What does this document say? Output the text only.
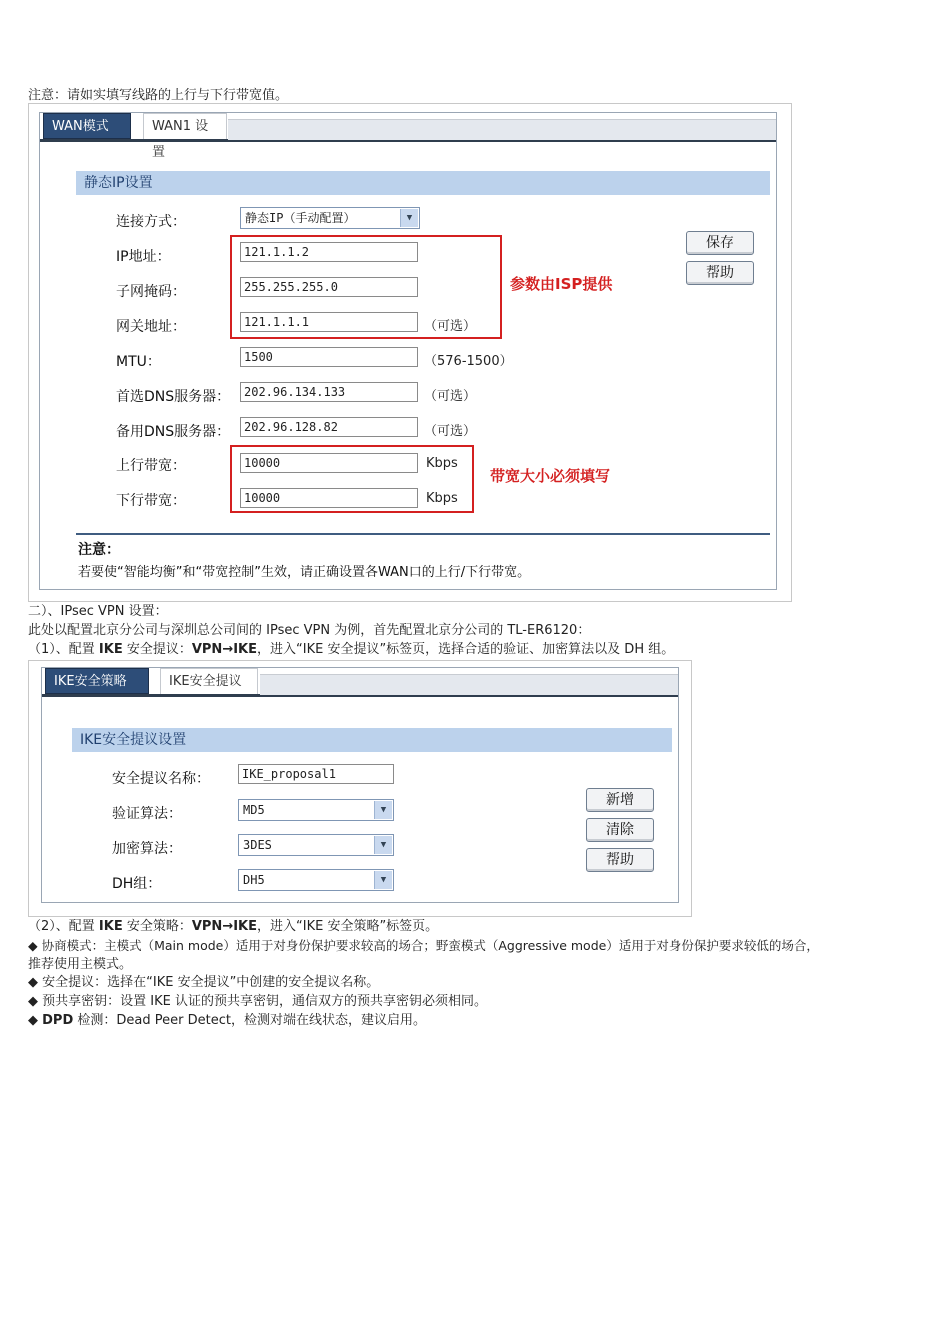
注意：请如实填写线路的上行与下行带宽值。
WAN模式	WAN1 设置
静态IP设置
连接方式：	静态IP（手动配置）	▼
参数由ISP提供
IP地址：	121.1.1.2
子网掩码：	255.255.255.0
网关地址：	121.1.1.1	（可选）
MTU：	1500	（576-1500）
首选DNS服务器：	202.96.134.133	（可选）
备用DNS服务器：	202.96.128.82	（可选）
带宽大小必须填写
上行带宽：	10000	Kbps
下行带宽：	10000	Kbps
保存
帮助
注意：
若要使“智能均衡”和“带宽控制”生效，请正确设置各WAN口的上行/下行带宽。
二）、IPsec VPN 设置：
此处以配置北京分公司与深圳总公司间的 IPsec VPN 为例，首先配置北京分公司的 TL-ER6120：
（1）、配置 IKE 安全提议：VPN→IKE，进入“IKE 安全提议”标签页，选择合适的验证、加密算法以及 DH 组。
IKE安全策略	IKE安全提议
IKE安全提议设置
安全提议名称：	IKE_proposal1
验证算法：	MD5	▼
加密算法：	3DES	▼
DH组：	DH5	▼
新增
清除
帮助
（2）、配置 IKE 安全策略：VPN→IKE，进入“IKE 安全策略”标签页。
◆ 协商模式：主模式（Main mode）适用于对身份保护要求较高的场合；野蛮模式（Aggressive mode）适用于对身份保护要求较低的场合，
推荐使用主模式。
◆ 安全提议：选择在“IKE 安全提议”中创建的安全提议名称。
◆ 预共享密钥：设置 IKE 认证的预共享密钥，通信双方的预共享密钥必须相同。
◆ DPD 检测：Dead Peer Detect，检测对端在线状态，建议启用。
